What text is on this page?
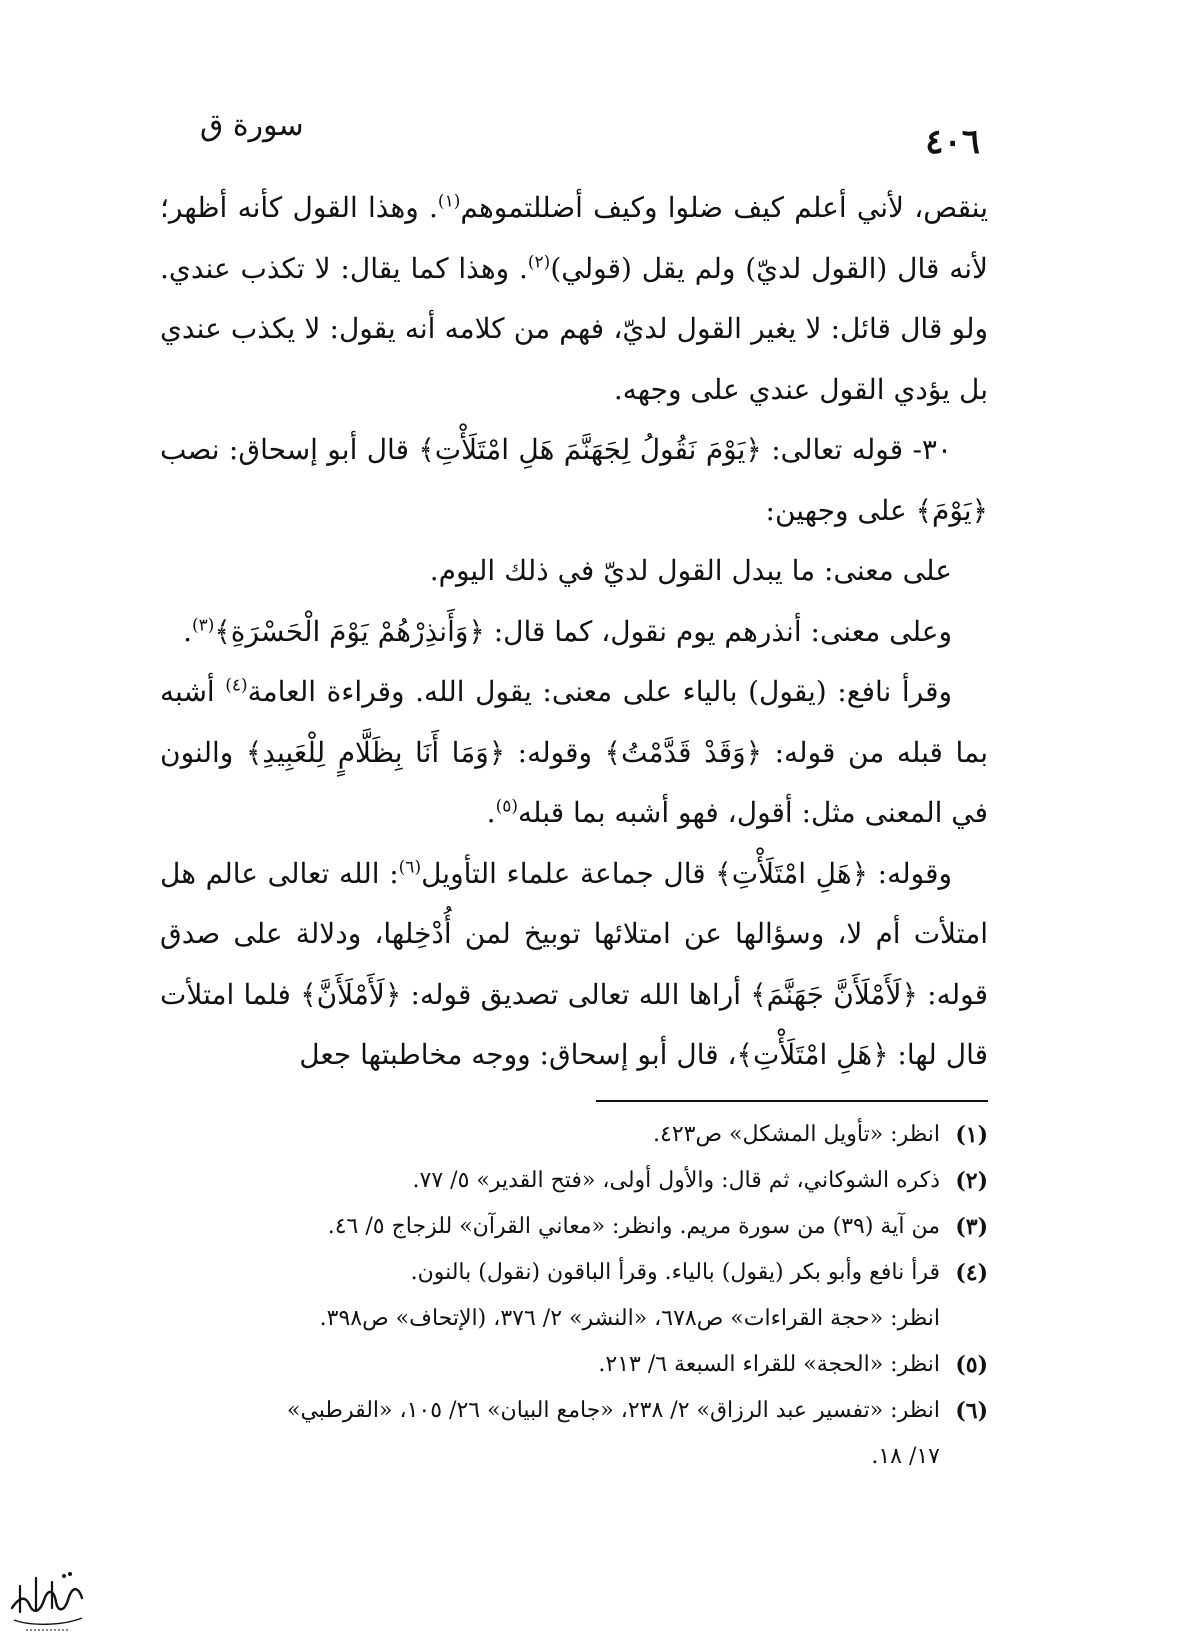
٤٠٦
سورة ق

ينقص، لأني أعلم كيف ضلوا وكيف أضللتموهم$^{(١)}$. وهذا القول كأنه أظهر؛ لأنه قال (القول لديّ) ولم يقل (قولي)$^{(٢)}$. وهذا كما يقال: لا تكذب عندي. ولو قال قائل: لا يغير القول لديّ، فهم من كلامه أنه يقول: لا يكذب عندي بل يؤدي القول عندي على وجهه.

٣٠- قوله تعالى: ﴿يَوْمَ نَقُولُ لِجَهَنَّمَ هَلِ امْتَلَأْتِ﴾ قال أبو إسحاق: نصب ﴿يَوْمَ﴾ على وجهين:

على معنى: ما يبدل القول لديّ في ذلك اليوم.

وعلى معنى: أنذرهم يوم نقول، كما قال: ﴿وَأَنذِرْهُمْ يَوْمَ الْحَسْرَةِ﴾$^{(٣)}$.

وقرأ نافع: (يقول) بالياء على معنى: يقول الله. وقراءة العامة$^{(٤)}$ أشبه بما قبله من قوله: ﴿وَقَدْ قَدَّمْتُ﴾ وقوله: ﴿وَمَا أَنَا بِظَلَّامٍ لِلْعَبِيدِ﴾ والنون في المعنى مثل: أقول، فهو أشبه بما قبله$^{(٥)}$.

وقوله: ﴿هَلِ امْتَلَأْتِ﴾ قال جماعة علماء التأويل$^{(٦)}$: الله تعالى عالم هل امتلأت أم لا، وسؤالها عن امتلائها توبيخ لمن أُدْخِلها، ودلالة على صدق قوله: ﴿لَأَمْلَأَنَّ جَهَنَّمَ﴾ أراها الله تعالى تصديق قوله: ﴿لَأَمْلَأَنَّ﴾ فلما امتلأت قال لها: ﴿هَلِ امْتَلَأْتِ﴾، قال أبو إسحاق: ووجه مخاطبتها جعل

(١)
انظر: «تأويل المشكل» ص٤٢٣.
(٢)
ذكره الشوكاني، ثم قال: والأول أولى، «فتح القدير» ٥/ ٧٧.
(٣)
من آية (٣٩) من سورة مريم. وانظر: «معاني القرآن» للزجاج ٥/ ٤٦.
(٤)
قرأ نافع وأبو بكر (يقول) بالياء. وقرأ الباقون (نقول) بالنون.
انظر: «حجة القراءات» ص٦٧٨، «النشر» ٢/ ٣٧٦، (الإتحاف» ص٣٩٨.
(٥)
انظر: «الحجة» للقراء السبعة ٦/ ٢١٣.
(٦)
انظر: «تفسير عبد الرزاق» ٢/ ٢٣٨، «جامع البيان» ٢٦/ ١٠٥، «القرطبي»
١٧/ ١٨.
